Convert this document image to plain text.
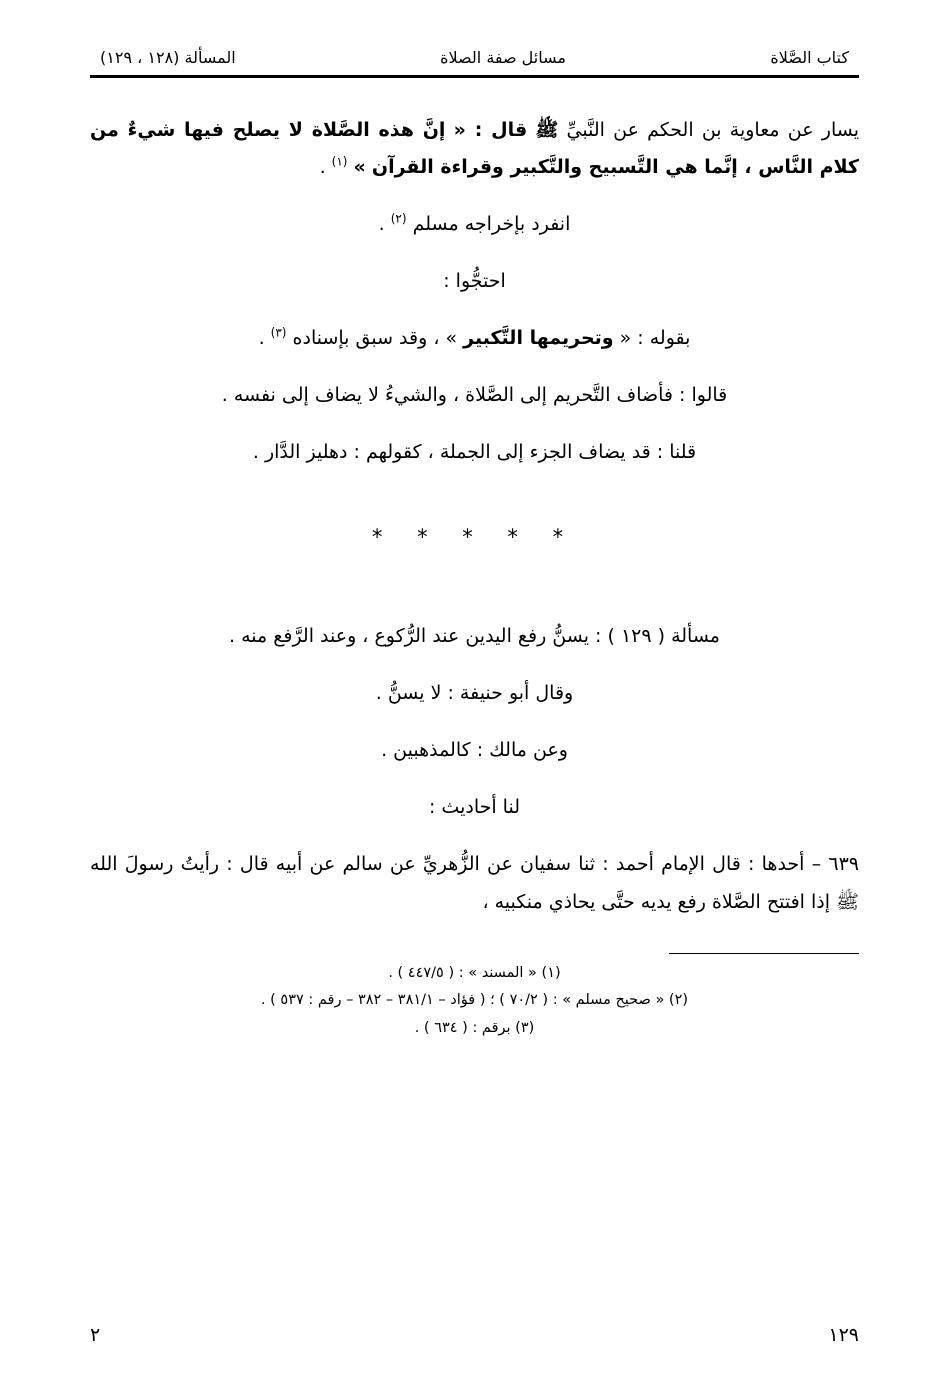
كتاب الصَّلاة
مسائل صفة الصلاة
المسألة (١٢٨ ، ١٢٩)

يسار عن معاوية بن الحكم عن النَّبيِّ ﷺ قال : « إنَّ هذه الصَّلاة لا يصلح فيها شيءٌ من كلام النَّاس ، إنَّما هي التَّسبيح والتَّكبير وقراءة القرآن » $^{(١)}$ .

انفرد بإخراجه مسلم $^{(٢)}$ .

احتجُّوا :

بقوله : « وتحريمها التَّكبير » ، وقد سبق بإسناده $^{(٣)}$ .

قالوا : فأضاف التَّحريم إلى الصَّلاة ، والشيءُ لا يضاف إلى نفسه .

قلنا : قد يضاف الجزء إلى الجملة ، كقولهم : دهليز الدَّار .

* * * * *

مسألة ( ١٢٩ ) : يسنُّ رفع اليدين عند الرُّكوع ، وعند الرَّفع منه .

وقال أبو حنيفة : لا يسنُّ .

وعن مالك : كالمذهبين .

لنا أحاديث :

٦٣٩ – أحدها : قال الإمام أحمد : ثنا سفيان عن الزُّهريِّ عن سالم عن أبيه قال : رأيتُ رسولَ الله ﷺ إذا افتتح الصَّلاة رفع يديه حتَّى يحاذي منكبيه ،

(١) « المسند » : ( ٤٤٧/٥ ) .

(٢) « صحيح مسلم » : ( ٧٠/٢ ) ؛ ( فؤاد – ٣٨١/١ – ٣٨٢ – رقم : ٥٣٧ ) .

(٣) برقم : ( ٦٣٤ ) .

١٢٩
٢
